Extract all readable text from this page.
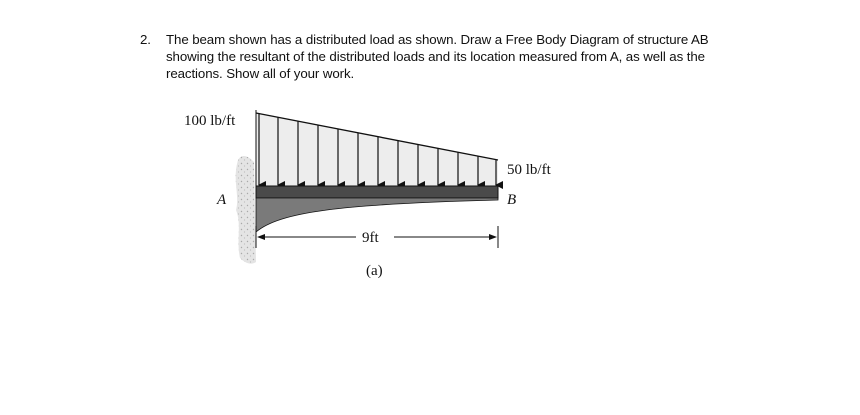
2. The beam shown has a distributed load as shown. Draw a Free Body Diagram of structure AB
showing the resultant of the distributed loads and its location measured from A, as well as the
reactions. Show all of your work.
100 lb/ft
50 lb/ft
A	B
9ft
(a)
